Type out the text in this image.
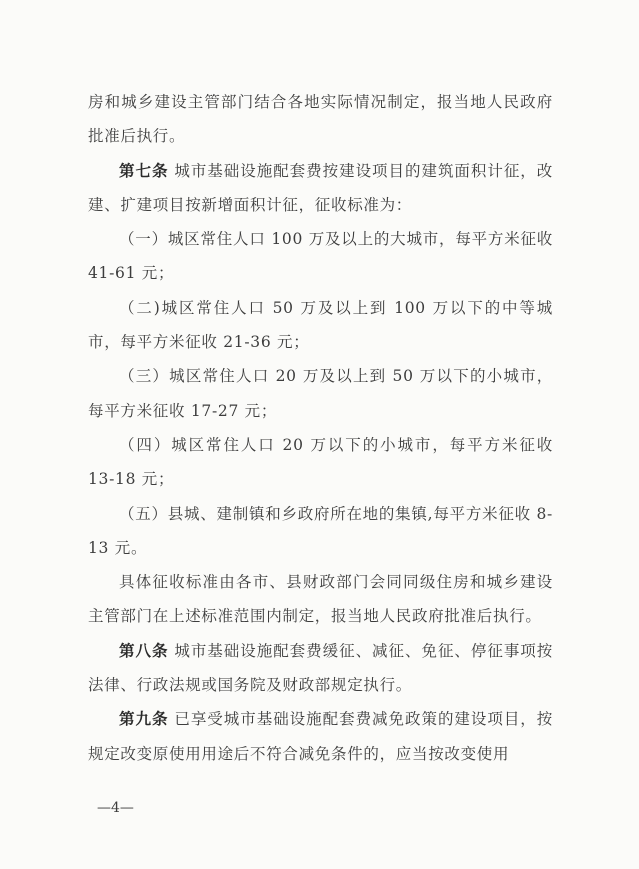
房和城乡建设主管部门结合各地实际情况制定，报当地人民政府批准后执行。

第七条 城市基础设施配套费按建设项目的建筑面积计征，改建、扩建项目按新增面积计征，征收标准为：

（一）城区常住人口 100 万及以上的大城市，每平方米征收 41-61 元；

（二)城区常住人口 50 万及以上到 100 万以下的中等城市，每平方米征收 21-36 元；

（三）城区常住人口 20 万及以上到 50 万以下的小城市，每平方米征收 17-27 元；

（四）城区常住人口 20 万以下的小城市，每平方米征收 13-18 元；

（五）县城、建制镇和乡政府所在地的集镇,每平方米征收 8-13 元。

具体征收标准由各市、县财政部门会同同级住房和城乡建设主管部门在上述标准范围内制定，报当地人民政府批准后执行。

第八条 城市基础设施配套费缓征、减征、免征、停征事项按法律、行政法规或国务院及财政部规定执行。

第九条 已享受城市基础设施配套费减免政策的建设项目，按规定改变原使用用途后不符合减免条件的，应当按改变使用

—4—
